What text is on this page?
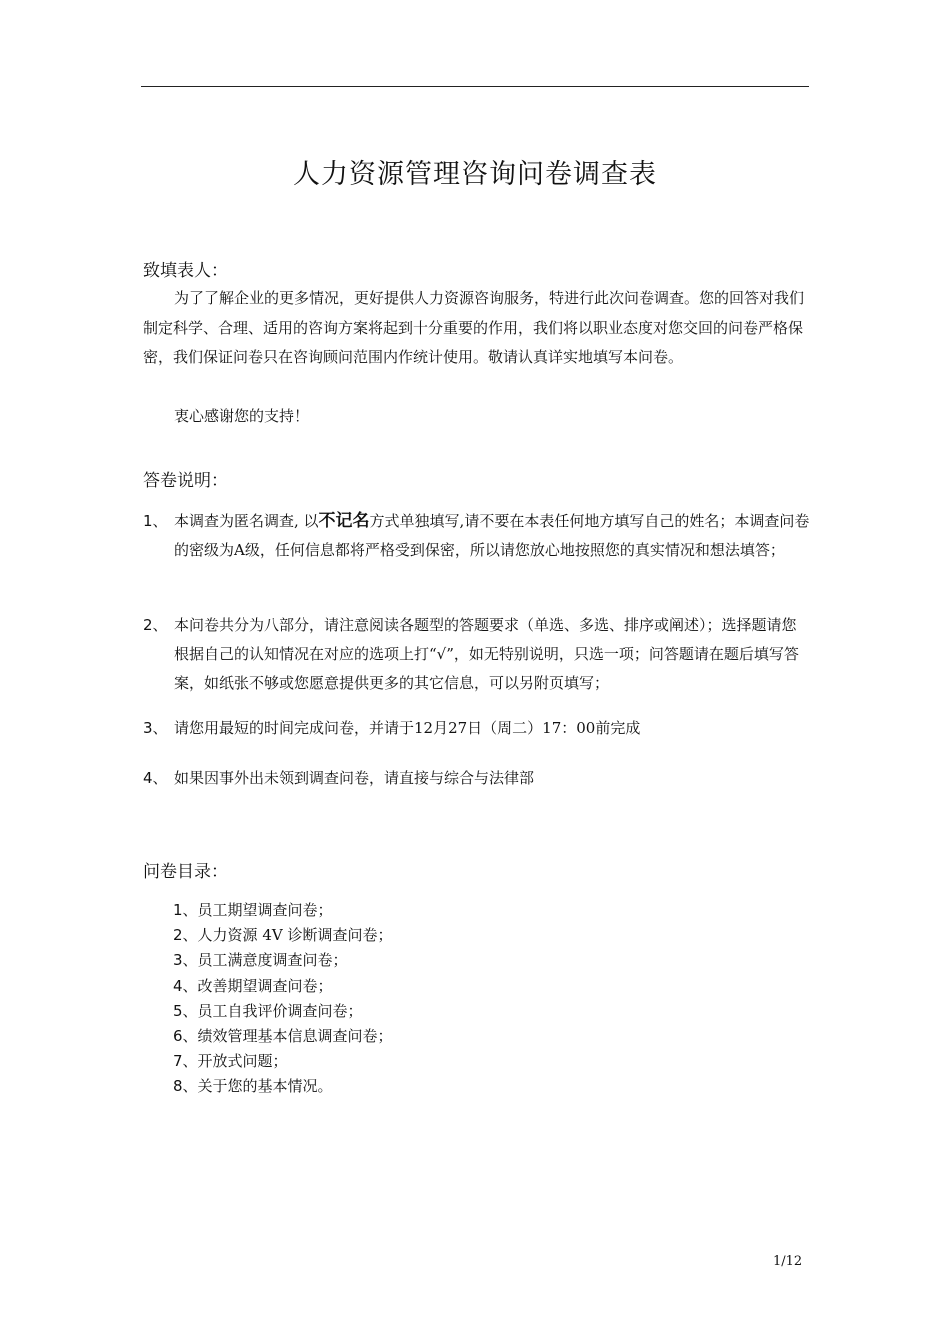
人力资源管理咨询问卷调查表
致填表人：
为了了解企业的更多情况，更好提供人力资源咨询服务，特进行此次问卷调查。您的回答对我们制定科学、合理、适用的咨询方案将起到十分重要的作用，我们将以职业态度对您交回的问卷严格保密，我们保证问卷只在咨询顾问范围内作统计使用。敬请认真详实地填写本问卷。
衷心感谢您的支持！
答卷说明：
1、 本调查为匿名调查, 以不记名方式单独填写,请不要在本表任何地方填写自己的姓名；本调查问卷的密级为A级，任何信息都将严格受到保密，所以请您放心地按照您的真实情况和想法填答；
2、 本问卷共分为八部分，请注意阅读各题型的答题要求（单选、多选、排序或阐述）；选择题请您根据自己的认知情况在对应的选项上打“√”，如无特别说明，只选一项；问答题请在题后填写答案，如纸张不够或您愿意提供更多的其它信息，可以另附页填写；
3、 请您用最短的时间完成问卷，并请于12月27日（周二）17：00前完成
4、 如果因事外出未领到调查问卷，请直接与综合与法律部
问卷目录：
1、员工期望调查问卷；
2、人力资源 4V 诊断调查问卷；
3、员工满意度调查问卷；
4、改善期望调查问卷；
5、员工自我评价调查问卷；
6、绩效管理基本信息调查问卷；
7、开放式问题；
8、关于您的基本情况。
1/12
